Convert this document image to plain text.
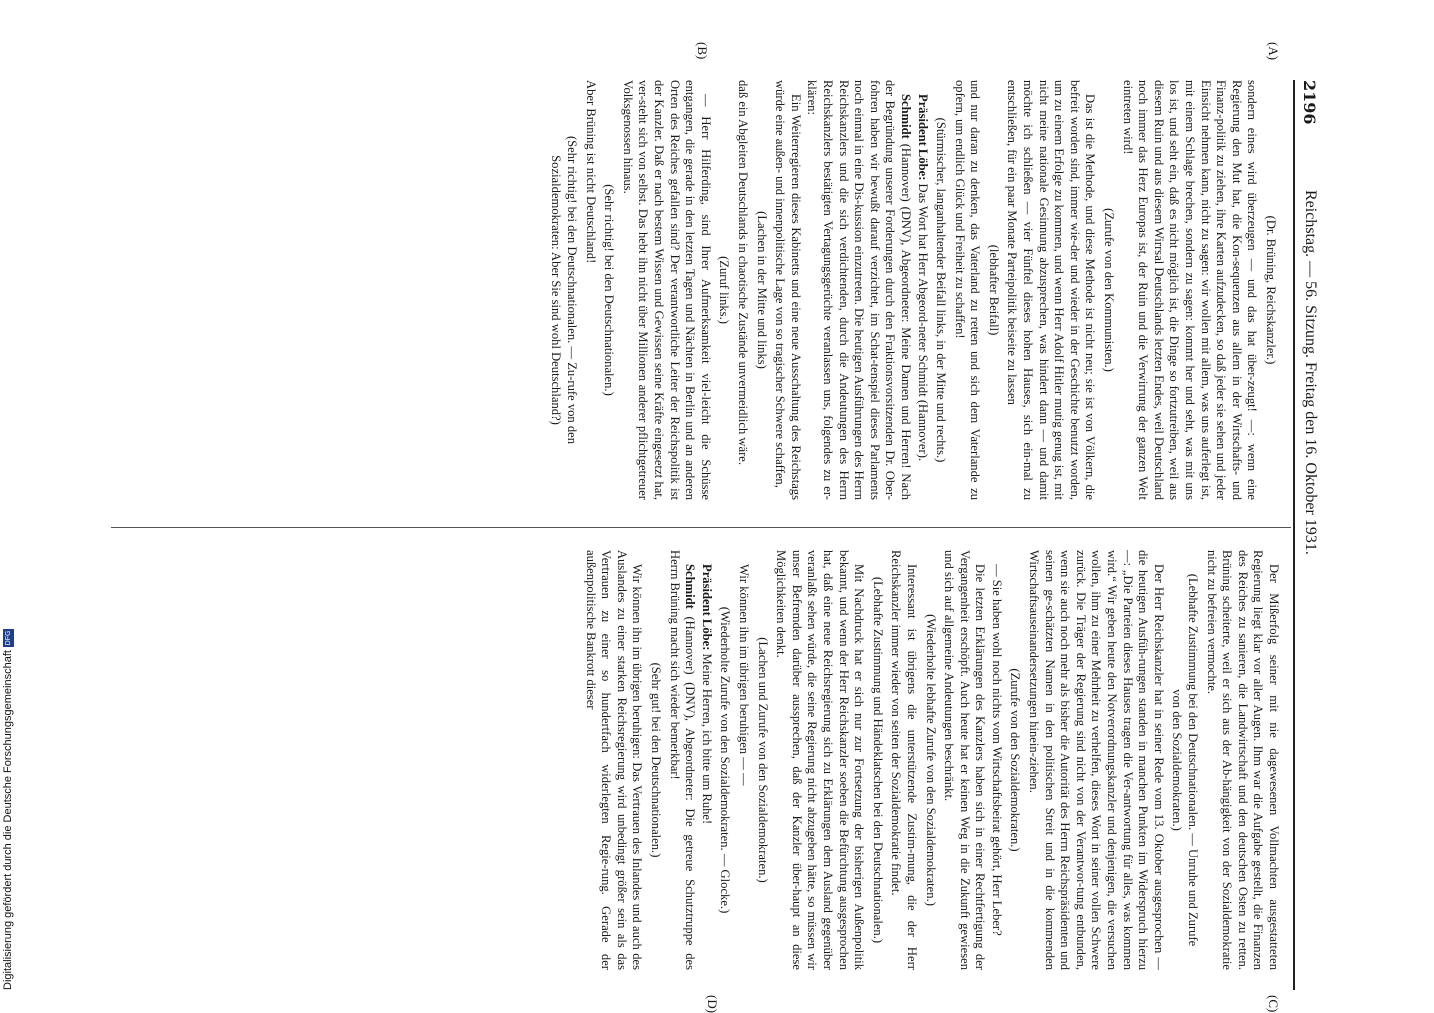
2196
Reichstag. — 56. Sitzung. Freitag den 16. Oktober 1931.

(Dr. Brüning, Reichskanzler.)

sondern eines wird überzeugen — und das hat über-zeugt! —: wenn eine Regierung den Mut hat, die Kon-sequenzen aus allem in der Wirtschafts- und Finanz-politik zu ziehen, ihre Karten aufzudecken, so daß jeder sie sehen und jeder Einsicht nehmen kann, nicht zu sagen: wir wollen mit allem, was uns auferlegt ist, mit einem Schlage brechen, sondern zu sagen: kommt her und seht, was mit uns los ist, und seht ein, daß es nicht möglich ist, die Dinge so fortzutreiben, weil aus diesem Ruin und aus diesem Wirrsal Deutschlands letzten Endes, weil Deutschland noch immer das Herz Europas ist, der Ruin und die Verwirrung der ganzen Welt eintreten wird!

(Zurufe von den Kommunisten.)

Das ist die Methode, und diese Methode ist nicht neu; sie ist von Völkern, die befreit worden sind, immer wie-der und wieder in der Geschichte benutzt worden, um zu einem Erfolge zu kommen, und wenn Herr Adolf Hitler mutig genug ist, mit nicht meine nationale Gesinnung abzusprechen, was hindert dann — und damit möchte ich schließen — vier Fünftel dieses hohen Hauses, sich ein-mal zu entschließen, für ein paar Monate Parteipolitik beiseite zu lassen

(lebhafter Beifall)

und nur daran zu denken, das Vaterland zu retten und sich dem Vaterlande zu opfern, um endlich Glück und Freiheit zu schaffen!

(Stürmischer, langanhaltender Beifall links, in der Mitte und rechts.)

Präsident Löbe: Das Wort hat Herr Abgeord-neter Schmidt (Hannover).

Schmidt (Hannover) (DNV), Abgeordneter: Meine Damen und Herren! Nach der Begründung unserer Forderungen durch den Fraktionsvorsitzenden Dr. Ober-fohren haben wir bewußt darauf verzichtet, im Schat-tenspiel dieses Parlaments noch einmal in eine Dis-kussion einzutreten. Die heutigen Ausführungen des Herrn Reichskanzlers und die sich verdichtenden, durch die Andeutungen des Herrn Reichskanzlers bestätigten Vertagungsgerüchte veranlassen uns, folgendes zu er-klären:

Ein Weiterregieren dieses Kabinetts und eine neue Ausschaltung des Reichstags würde eine außen- und innenpolitische Lage von so tragischer Schwere schaffen,

(Lachen in der Mitte und links)

daß ein Abgleiten Deutschlands in chaotische Zustände unvermeidlich wäre.

(Zuruf links.)

— Herr Hilferding, sind Ihrer Aufmerksamkeit viel-leicht die Schüsse entgangen, die gerade in den letzten Tagen und Nächten in Berlin und an anderen Orten des Reiches gefallen sind? Der verantwortliche Leiter der Reichspolitik ist der Kanzler. Daß er nach bestem Wissen und Gewissen seine Kräfte eingesetzt hat, ver-steht sich von selbst. Das hebt ihn nicht über Millionen anderer pflichtgetreuer Volksgenossen hinaus.

(Sehr richtig! bei den Deutschnationalen.)

Aber Brüning ist nicht Deutschland!

(Sehr richtig! bei den Deutschnationalen. — Zu-rufe von den Sozialdemokraten: Aber Sie sind wohl Deutschland?)

Der Mißerfolg seiner mit nie dagewesenen Vollmachten ausgestatteten Regierung liegt klar vor aller Augen. Ihm war die Aufgabe gestellt, die Finanzen des Reiches zu sanieren, die Landwirtschaft und den deutschen Osten zu retten. Brüning scheiterte, weil er sich aus der Ab-hängigkeit von der Sozialdemokratie nicht zu befreien vermochte.

(Lebhafte Zustimmung bei den Deutschnationalen. — Unruhe und Zurufe von den Sozialdemokraten.)

Der Herr Reichskanzler hat in seiner Rede vom 13. Oktober ausgesprochen — die heutigen Ausfüh-rungen standen in manchen Punkten im Widerspruch hierzu —: „Die Parteien dieses Hauses tragen die Ver-antwortung für alles, was kommen wird.“ Wir geben heute den Notverordnungskanzler und denjenigen, die versuchen wollen, ihm zu einer Mehrheit zu verhelfen, dieses Wort in seiner vollen Schwere zurück. Die Träger der Regierung sind nicht von der Verantwor-tung entbunden, wenn sie auch noch mehr als bisher die Autorität des Herrn Reichspräsidenten und seinen ge-schätzten Namen in den politischen Streit und in die kommenden Wirtschaftsauseinandersetzungen hinein-ziehen.

(Zurufe von den Sozialdemokraten.)

— Sie haben wohl noch nichts vom Wirtschaftsbeirat gehört, Herr Leber?

Die letzten Erklärungen des Kanzlers haben sich in einer Rechtfertigung der Vergangenheit erschöpft. Auch heute hat er keinen Weg in die Zukunft gewiesen und sich auf allgemeine Andeutungen beschränkt.

(Wiederholte lebhafte Zurufe von den Sozialdemokraten.)

Interessant ist übrigens die unterstützende Zustim-mung, die der Herr Reichskanzler immer wieder von seiten der Sozialdemokratie findet.

(Lebhafte Zustimmung und Händeklatschen bei den Deutschnationalen.)

Mit Nachdruck hat er sich nur zur Fortsetzung der bisherigen Außenpolitik bekannt, und wenn der Herr Reichskanzler soeben die Befürchtung ausgesprochen hat, daß eine neue Reichsregierung sich zu Erklärungen dem Ausland gegenüber veranlaßt sehen würde, die seine Regierung nicht abzugeben hätte, so müssen wir unser Befremden darüber aussprechen, daß der Kanzler über-haupt an diese Möglichkeiten denkt.

(Lachen und Zurufe von den Sozialdemokraten.)

Wir können ihn im übrigen beruhigen — —

(Wiederholte Zurufe von den Sozialdemokraten. — Glocke.)

Präsident Löbe: Meine Herren, ich bitte um Ruhe!

Schmidt (Hannover) (DNV), Abgeordneter: Die getreue Schutztruppe des Herrn Brüning macht sich wieder bemerkbar!

(Sehr gut! bei den Deutschnationalen.)

Wir können ihn im übrigen beruhigen: Das Vertrauen des Inlandes und auch des Auslandes zu einer starken Reichsregierung wird unbedingt größer sein als das Vertrauen zu einer so hundertfach widerlegten Regie-rung. Gerade der außenpolitische Bankrott dieser

(A)
(B)
(C)
(D)
Digitalisierung gefördert durch die Deutsche Forschungsgemeinschaft DFG
